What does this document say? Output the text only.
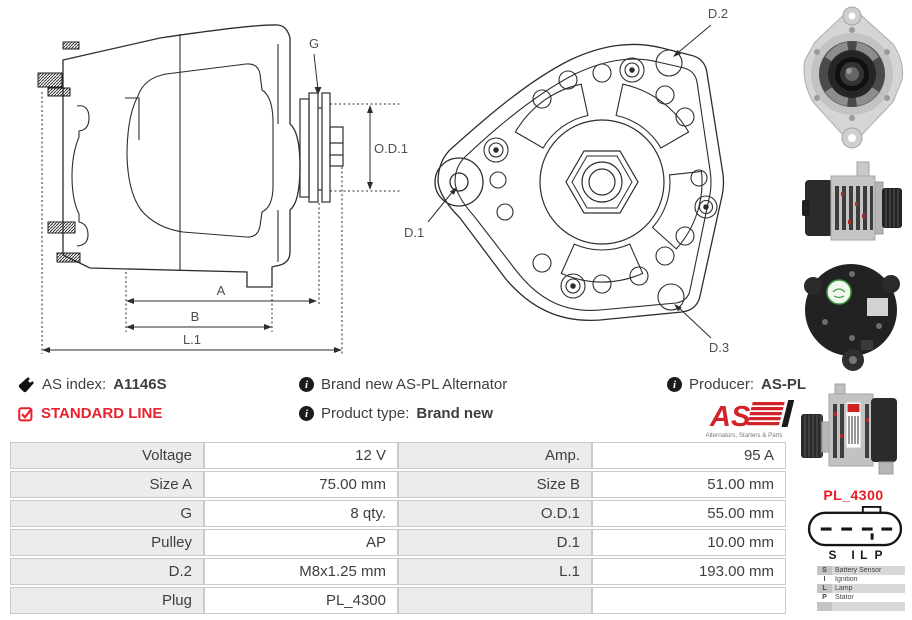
G
O.D.1
A
B
L.1
D.2
D.3
D.1
PL_4300
S I L P
S	Battery Sensor
I	Ignition
L	Lamp
P	Stator

AS index: A1146S
STANDARD LINE
i Brand new AS-PL Alternator
i Product type: Brand new
i Producer: AS-PL
AS
Alternators, Starters & Parts
Voltage	12 V	Amp.	95 A
Size A	75.00 mm	Size B	51.00 mm
G	8 qty.	O.D.1	55.00 mm
Pulley	AP	D.1	10.00 mm
D.2	M8x1.25 mm	L.1	193.00 mm
Plug	PL_4300		
